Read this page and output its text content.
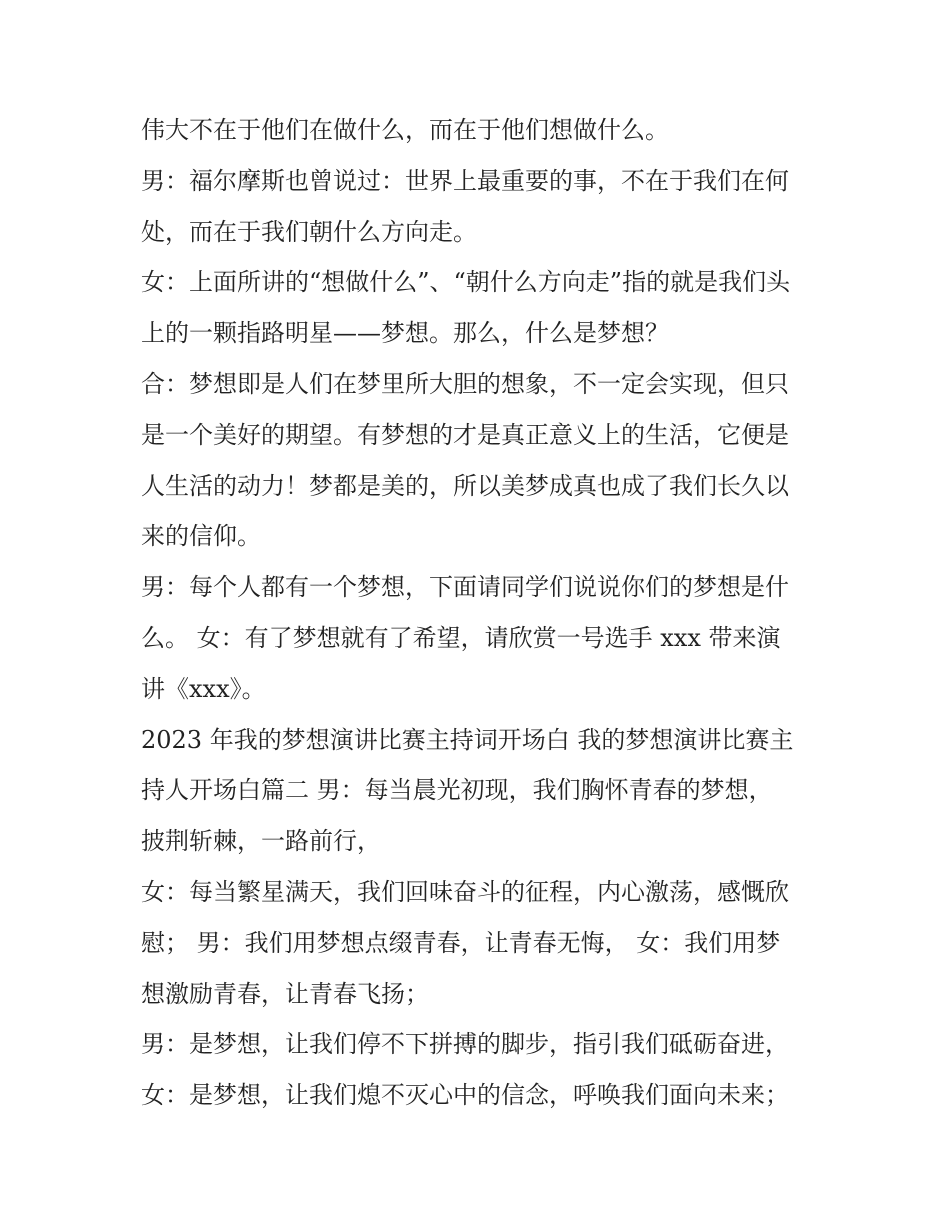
伟大不在于他们在做什么，而在于他们想做什么。
男：福尔摩斯也曾说过：世界上最重要的事，不在于我们在何
处，而在于我们朝什么方向走。
女：上面所讲的“想做什么”、“朝什么方向走”指的就是我们头
上的一颗指路明星——梦想。那么，什么是梦想？
合：梦想即是人们在梦里所大胆的想象，不一定会实现，但只
是一个美好的期望。有梦想的才是真正意义上的生活，它便是
人生活的动力！梦都是美的，所以美梦成真也成了我们长久以
来的信仰。
男：每个人都有一个梦想，下面请同学们说说你们的梦想是什
么。 女：有了梦想就有了希望，请欣赏一号选手 xxx 带来演
讲《xxx》。
2023 年我的梦想演讲比赛主持词开场白 我的梦想演讲比赛主
持人开场白篇二 男：每当晨光初现，我们胸怀青春的梦想，
披荆斩棘，一路前行，
女：每当繁星满天，我们回味奋斗的征程，内心激荡，感慨欣
慰； 男：我们用梦想点缀青春，让青春无悔， 女：我们用梦
想激励青春，让青春飞扬；
男：是梦想，让我们停不下拼搏的脚步，指引我们砥砺奋进，
女：是梦想，让我们熄不灭心中的信念，呼唤我们面向未来；
